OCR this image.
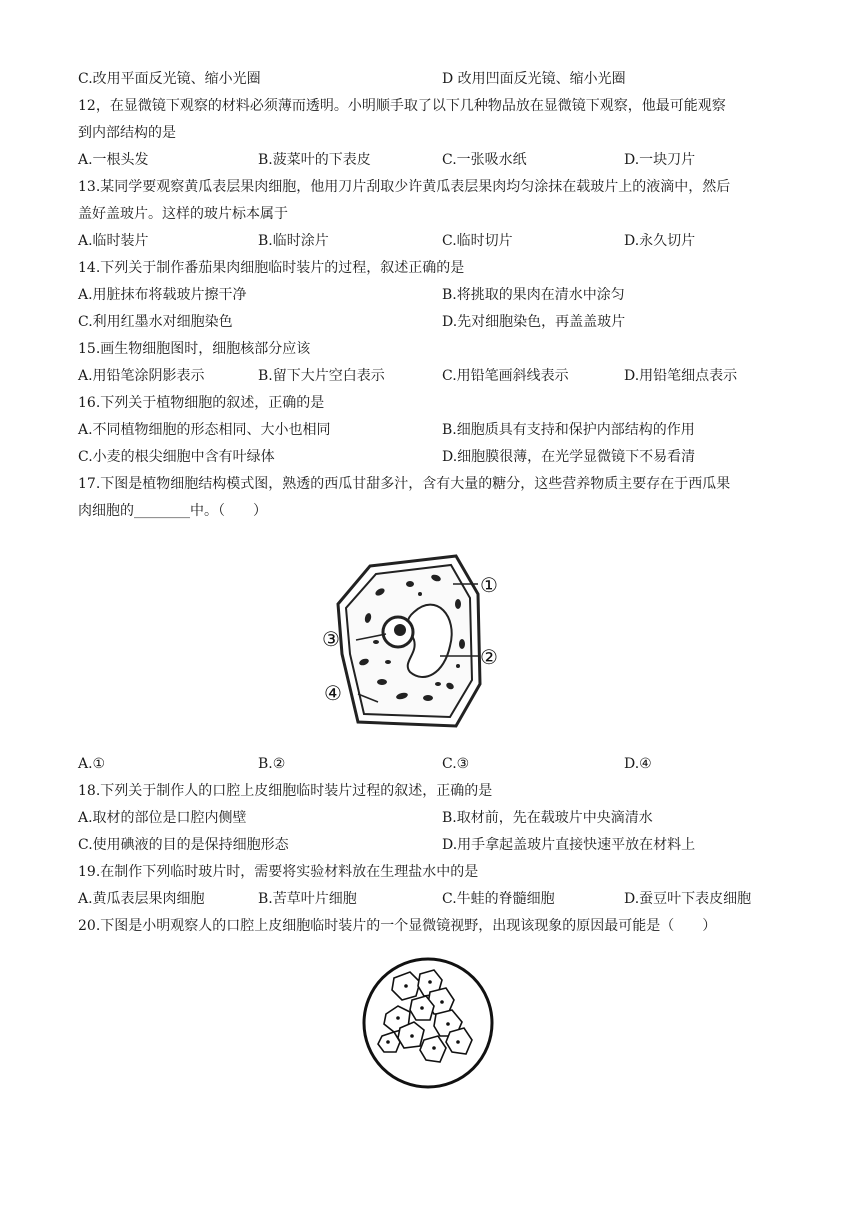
C.改用平面反光镜、缩小光圈	D 改用凹面反光镜、缩小光圈
12，在显微镜下观察的材料必须薄而透明。小明顺手取了以下几种物品放在显微镜下观察，他最可能观察
到内部结构的是
A.一根头发	B.菠菜叶的下表皮	C.一张吸水纸	D.一块刀片
13.某同学要观察黄瓜表层果肉细胞，他用刀片刮取少许黄瓜表层果肉均匀涂抹在载玻片上的液滴中，然后
盖好盖玻片。这样的玻片标本属于
A.临时装片	B.临时涂片	C.临时切片	D.永久切片
14.下列关于制作番茄果肉细胞临时装片的过程，叙述正确的是
A.用脏抹布将载玻片擦干净	B.将挑取的果肉在清水中涂匀
C.利用红墨水对细胞染色	D.先对细胞染色，再盖盖玻片
15.画生物细胞图时，细胞核部分应该
A.用铅笔涂阴影表示	B.留下大片空白表示	C.用铅笔画斜线表示	D.用铅笔细点表示
16.下列关于植物细胞的叙述，正确的是
A.不同植物细胞的形态相同、大小也相同	B.细胞质具有支持和保护内部结构的作用
C.小麦的根尖细胞中含有叶绿体	D.细胞膜很薄，在光学显微镜下不易看清
17.下图是植物细胞结构模式图，熟透的西瓜甘甜多汁，含有大量的糖分，这些营养物质主要存在于西瓜果
肉细胞的________中。（　　）
①
②
③
④
A.①	B.②	C.③	D.④
18.下列关于制作人的口腔上皮细胞临时装片过程的叙述，正确的是
A.取材的部位是口腔内侧壁	B.取材前，先在载玻片中央滴清水
C.使用碘液的目的是保持细胞形态	D.用手拿起盖玻片直接快速平放在材料上
19.在制作下列临时玻片时，需要将实验材料放在生理盐水中的是
A.黄瓜表层果肉细胞	B.苦草叶片细胞	C.牛蛙的脊髓细胞	D.蚕豆叶下表皮细胞
20.下图是小明观察人的口腔上皮细胞临时装片的一个显微镜视野，出现该现象的原因最可能是（　　）
